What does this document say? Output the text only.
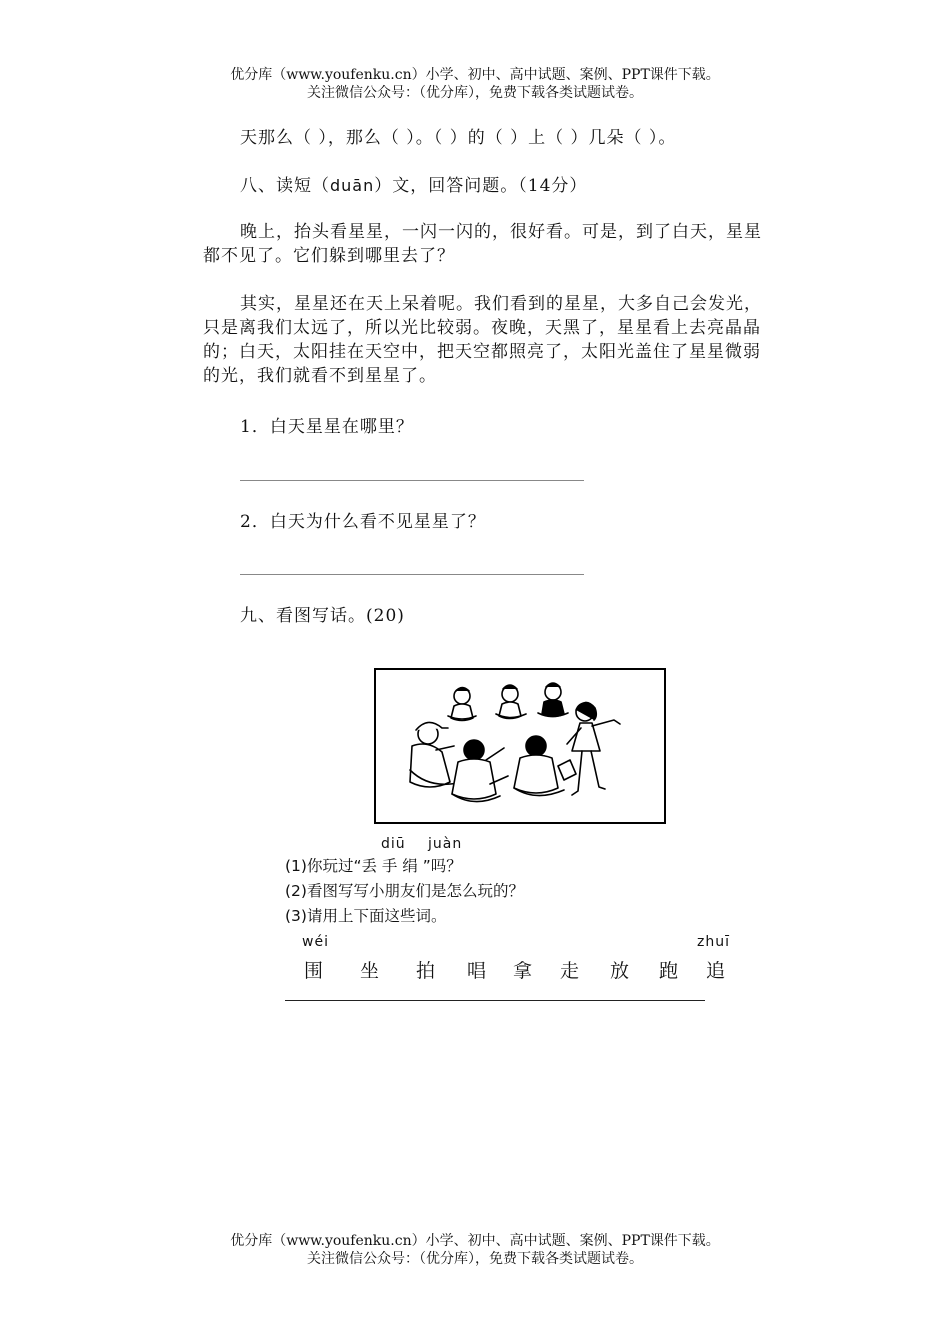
优分库（www.youfenku.cn）小学、初中、高中试题、案例、PPT课件下载。
关注微信公众号：（优分库），免费下载各类试题试卷。
天那么（ ），那么（ ）。（ ）的（ ）上（ ）几朵（ ）。
八、读短（duān）文，回答问题。（14分）
晚上，抬头看星星，一闪一闪的，很好看。可是，到了白天，星星
都不见了。它们躲到哪里去了？
其实，星星还在天上呆着呢。我们看到的星星，大多自己会发光，
只是离我们太远了，所以光比较弱。夜晚，天黑了，星星看上去亮晶晶
的；白天，太阳挂在天空中，把天空都照亮了，太阳光盖住了星星微弱
的光，我们就看不到星星了。
1．白天星星在哪里？
2．白天为什么看不见星星了？
九、看图写话。(20)
diū juàn
(1)你玩过“丢 手 绢 ”吗？
(2)看图写写小朋友们是怎么玩的？
(3)请用上下面这些词。
wéi	zhuī
围 坐 拍 唱 拿 走 放 跑 追
优分库（www.youfenku.cn）小学、初中、高中试题、案例、PPT课件下载。
关注微信公众号：（优分库），免费下载各类试题试卷。
